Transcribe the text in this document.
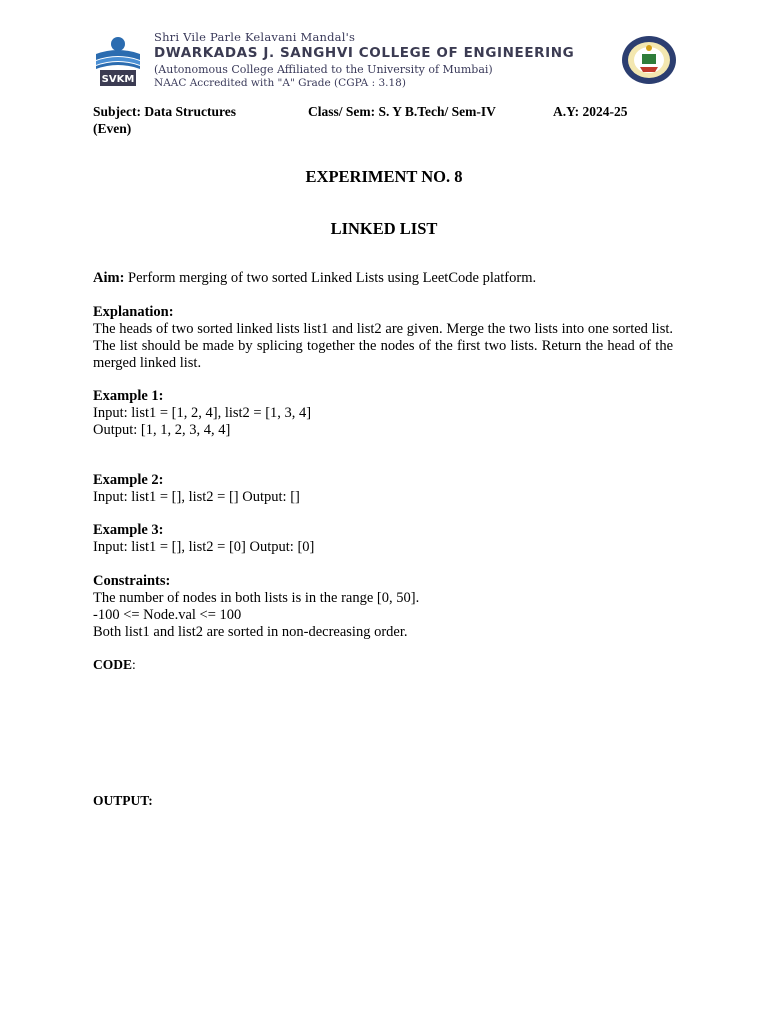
SVKM
Shri Vile Parle Kelavani Mandal's
DWARKADAS J. SANGHVI COLLEGE OF ENGINEERING
(Autonomous College Affiliated to the University of Mumbai)
NAAC Accredited with "A" Grade (CGPA : 3.18)
Subject: Data Structures (Even)
Class/ Sem: S. Y B.Tech/ Sem-IV	A.Y: 2024-25
EXPERIMENT NO. 8
LINKED LIST
Aim: Perform merging of two sorted Linked Lists using LeetCode platform.
Explanation:
The heads of two sorted linked lists list1 and list2 are given. Merge the two lists into one sorted list. The list should be made by splicing together the nodes of the first two lists. Return the head of the merged linked list.
Example 1:
Input: list1 = [1, 2, 4], list2 = [1, 3, 4]
Output: [1, 1, 2, 3, 4, 4]
Example 2:
Input: list1 = [], list2 = [] Output: []
Example 3:
Input: list1 = [], list2 = [0] Output: [0]
Constraints:
The number of nodes in both lists is in the range [0, 50].
-100 <= Node.val <= 100
Both list1 and list2 are sorted in non-decreasing order.
CODE:
OUTPUT:
